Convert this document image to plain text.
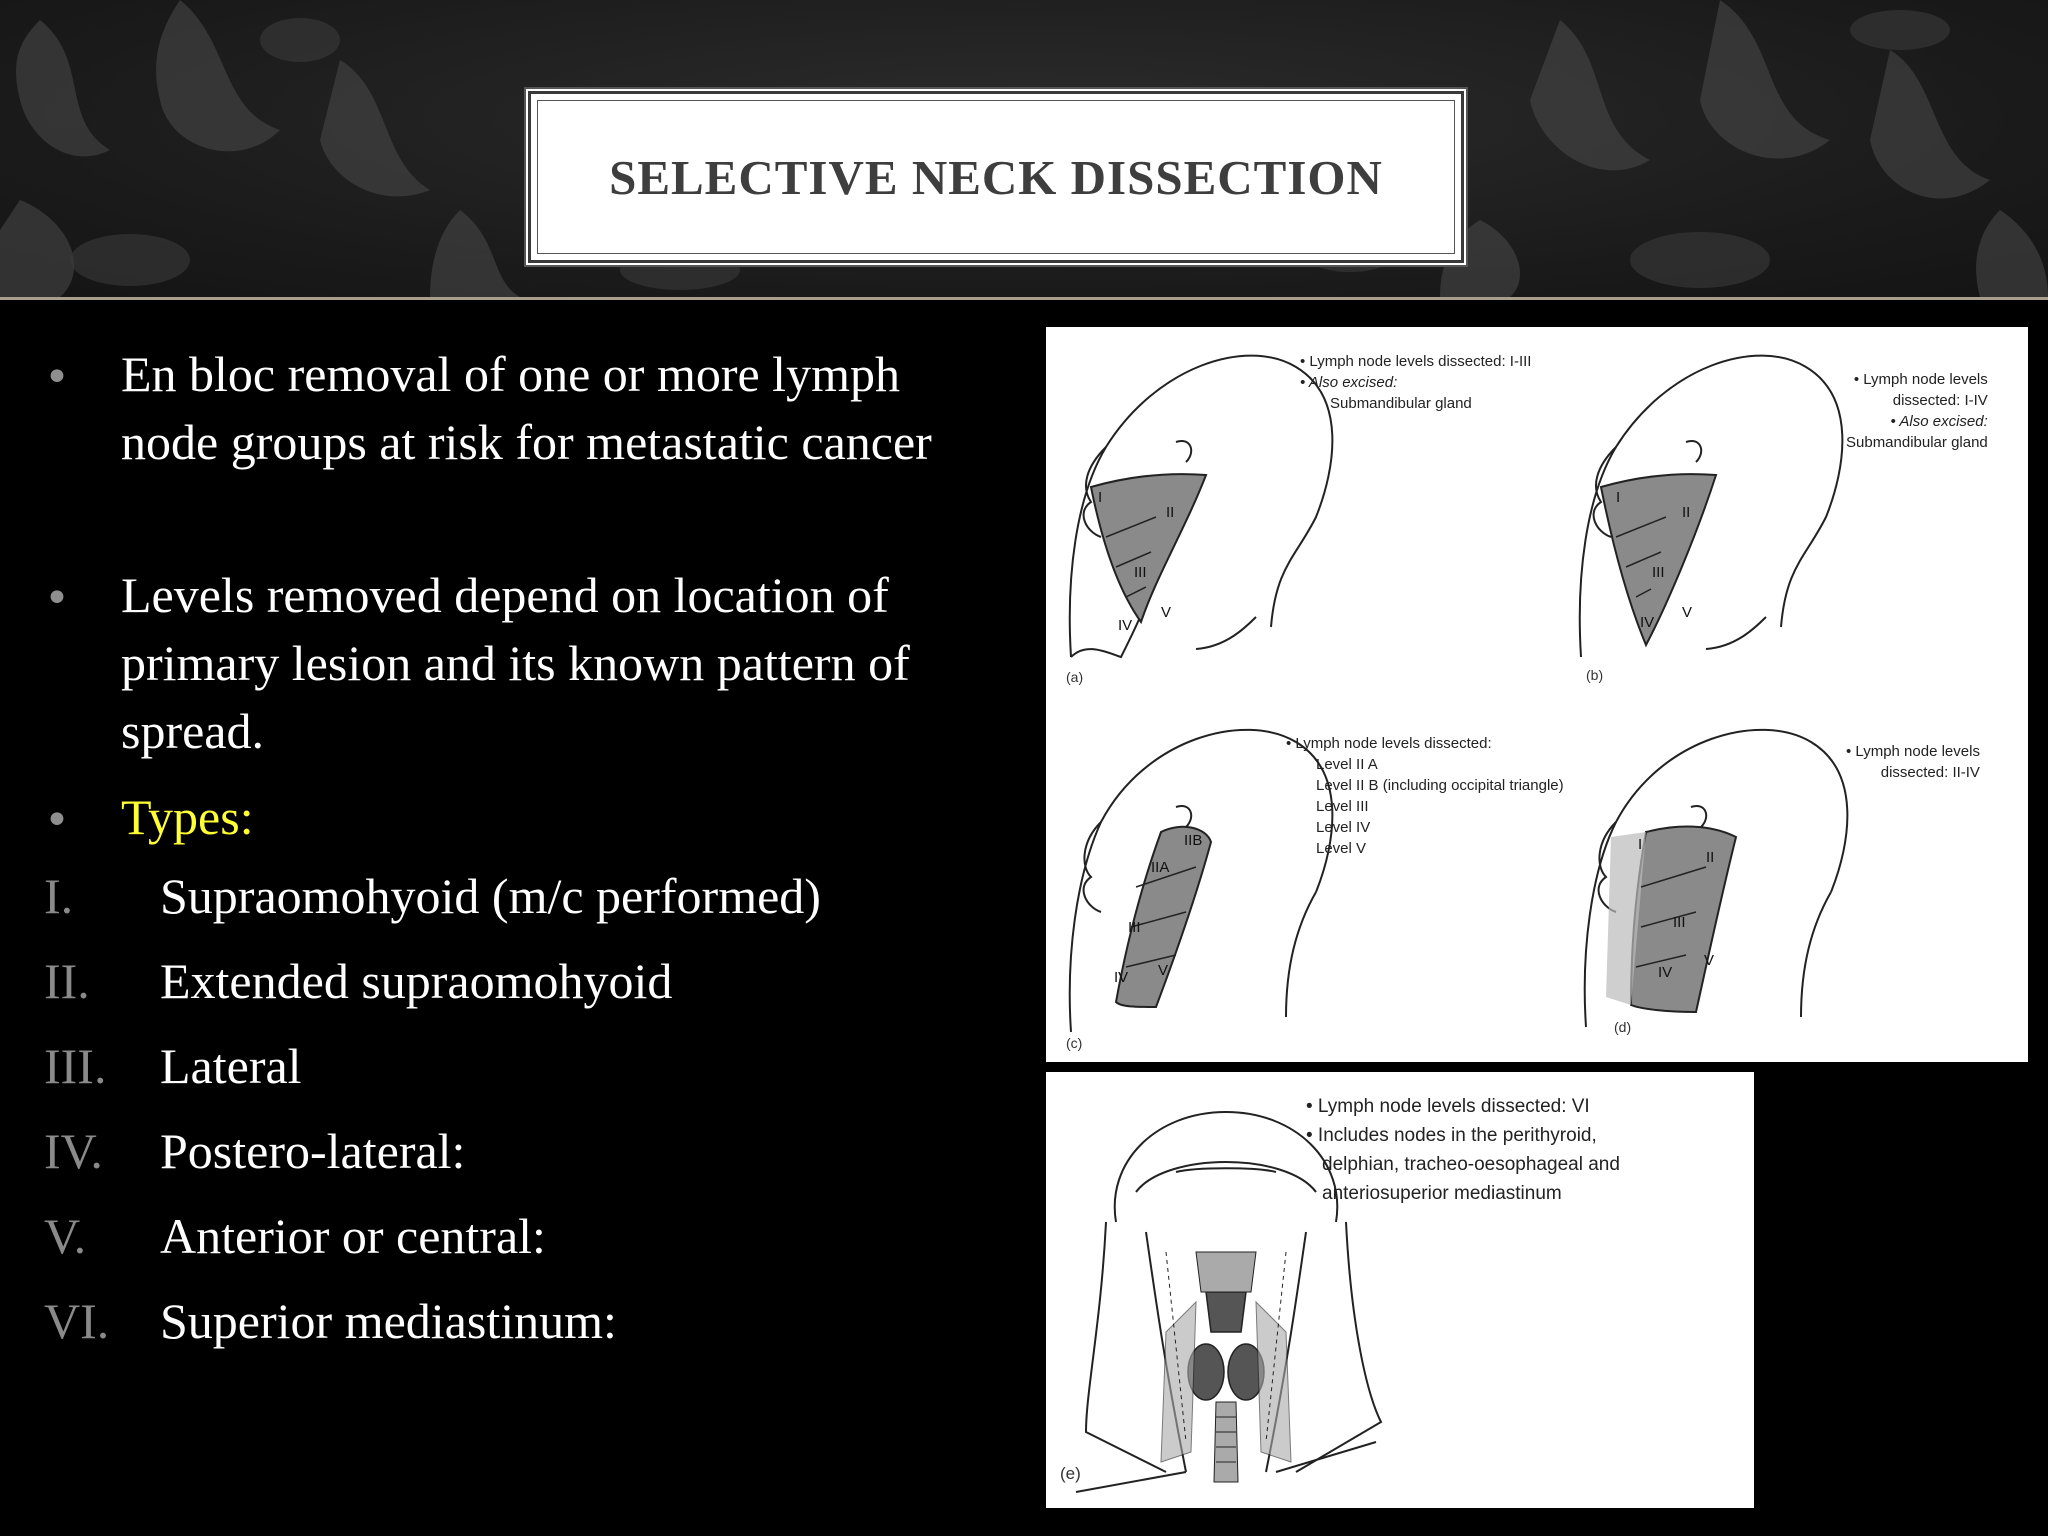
SELECTIVE NECK DISSECTION
• En bloc removal of one or more lymph node groups at risk for metastatic cancer
• Levels removed depend on location of primary lesion and its known pattern of spread.
• Types:
I. Supraomohyoid (m/c performed)
II. Extended supraomohyoid
III. Lateral
IV. Postero-lateral:
V. Anterior or central:
VI. Superior mediastinum:
I
II
III
IV
V
I
II
III
IV
V
IIB
IIA
III
IV V
I
II
III
IV
V
• Lymph node levels dissected: I-III
• Also excised:
Submandibular gland
(a)
• Lymph node levels
dissected: I-IV
• Also excised:
Submandibular gland
(b)
• Lymph node levels dissected:
Level II A
Level II B (including occipital triangle)
Level III
Level IV
Level V
(c)
• Lymph node levels
dissected: II-IV
(d)
• Lymph node levels dissected: VI
• Includes nodes in the perithyroid,
delphian, tracheo-oesophageal and
anteriosuperior mediastinum
(e)
